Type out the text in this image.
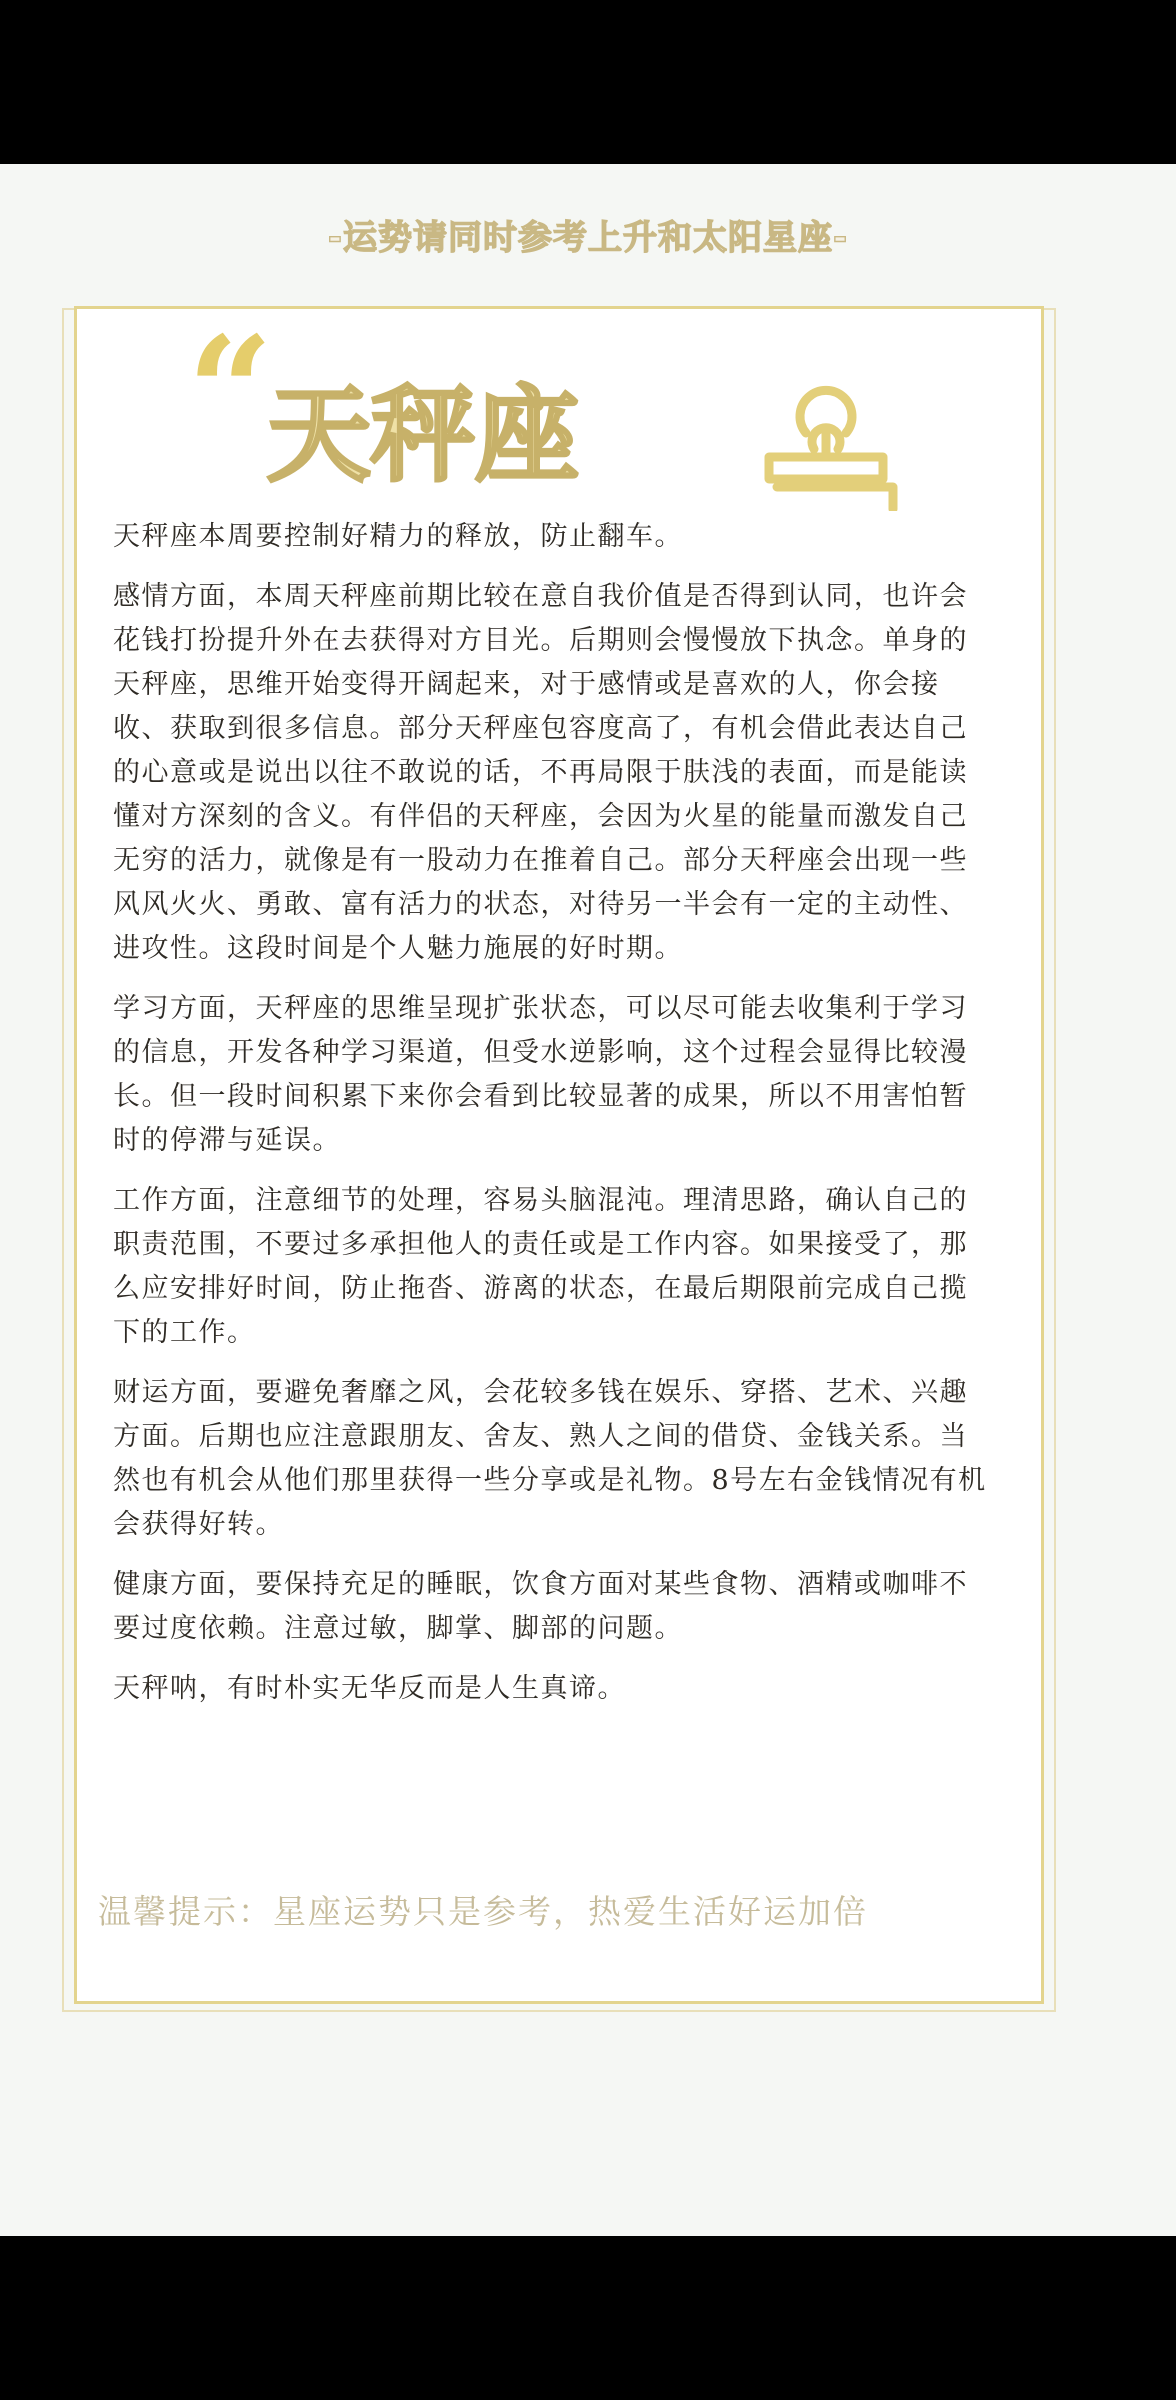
-运势请同时参考上升和太阳星座-
“
天秤座

天秤座本周要控制好精力的释放，防止翻车。

感情方面，本周天秤座前期比较在意自我价值是否得到认同，也许会花钱打扮提升外在去获得对方目光。后期则会慢慢放下执念。单身的天秤座，思维开始变得开阔起来，对于感情或是喜欢的人，你会接收、获取到很多信息。部分天秤座包容度高了，有机会借此表达自己的心意或是说出以往不敢说的话，不再局限于肤浅的表面，而是能读懂对方深刻的含义。有伴侣的天秤座，会因为火星的能量而激发自己无穷的活力，就像是有一股动力在推着自己。部分天秤座会出现一些风风火火、勇敢、富有活力的状态，对待另一半会有一定的主动性、进攻性。这段时间是个人魅力施展的好时期。

学习方面，天秤座的思维呈现扩张状态，可以尽可能去收集利于学习的信息，开发各种学习渠道，但受水逆影响，这个过程会显得比较漫长。但一段时间积累下来你会看到比较显著的成果，所以不用害怕暂时的停滞与延误。

工作方面，注意细节的处理，容易头脑混沌。理清思路，确认自己的职责范围，不要过多承担他人的责任或是工作内容。如果接受了，那么应安排好时间，防止拖沓、游离的状态，在最后期限前完成自己揽下的工作。

财运方面，要避免奢靡之风，会花较多钱在娱乐、穿搭、艺术、兴趣方面。后期也应注意跟朋友、舍友、熟人之间的借贷、金钱关系。当然也有机会从他们那里获得一些分享或是礼物。8号左右金钱情况有机会获得好转。

健康方面，要保持充足的睡眠，饮食方面对某些食物、酒精或咖啡不要过度依赖。注意过敏，脚掌、脚部的问题。

天秤呐，有时朴实无华反而是人生真谛。

温馨提示：星座运势只是参考，热爱生活好运加倍
